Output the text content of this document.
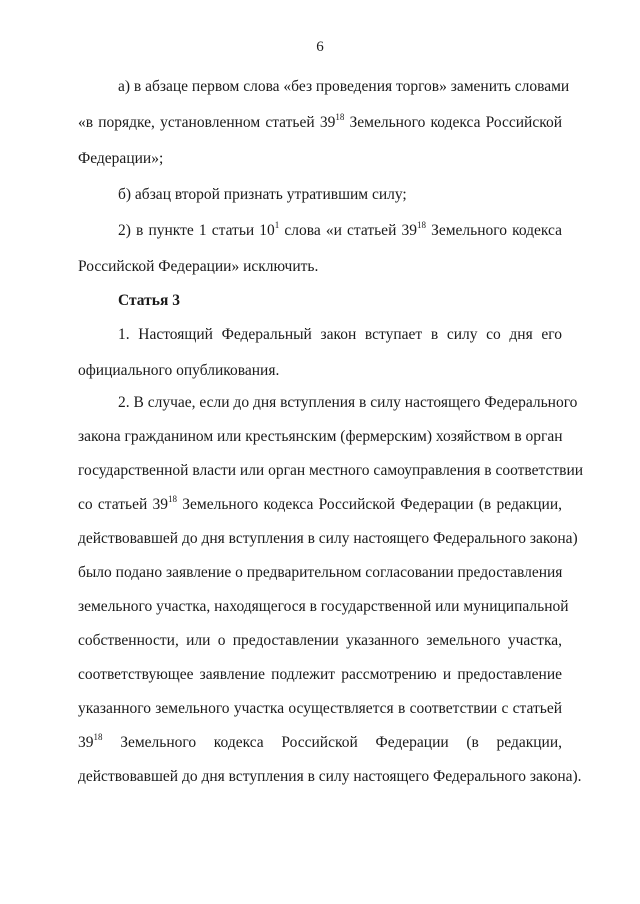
6
а) в абзаце первом слова «без проведения торгов» заменить словами
«в порядке, установленном статьей $39^{18}$ Земельного кодекса Российской
Федерации»;
б) абзац второй признать утратившим силу;
2) в пункте 1 статьи $10^1$ слова «и статьей $39^{18}$ Земельного кодекса
Российской Федерации» исключить.
Статья 3
1. Настоящий Федеральный закон вступает в силу со дня его
официального опубликования.
2. В случае, если до дня вступления в силу настоящего Федерального
закона гражданином или крестьянским (фермерским) хозяйством в орган
государственной власти или орган местного самоуправления в соответствии
со статьей $39^{18}$ Земельного кодекса Российской Федерации (в редакции,
действовавшей до дня вступления в силу настоящего Федерального закона)
было подано заявление о предварительном согласовании предоставления
земельного участка, находящегося в государственной или муниципальной
собственности, или о предоставлении указанного земельного участка,
соответствующее заявление подлежит рассмотрению и предоставление
указанного земельного участка осуществляется в соответствии с статьей
$39^{18}$ Земельного кодекса Российской Федерации (в редакции,
действовавшей до дня вступления в силу настоящего Федерального закона).
